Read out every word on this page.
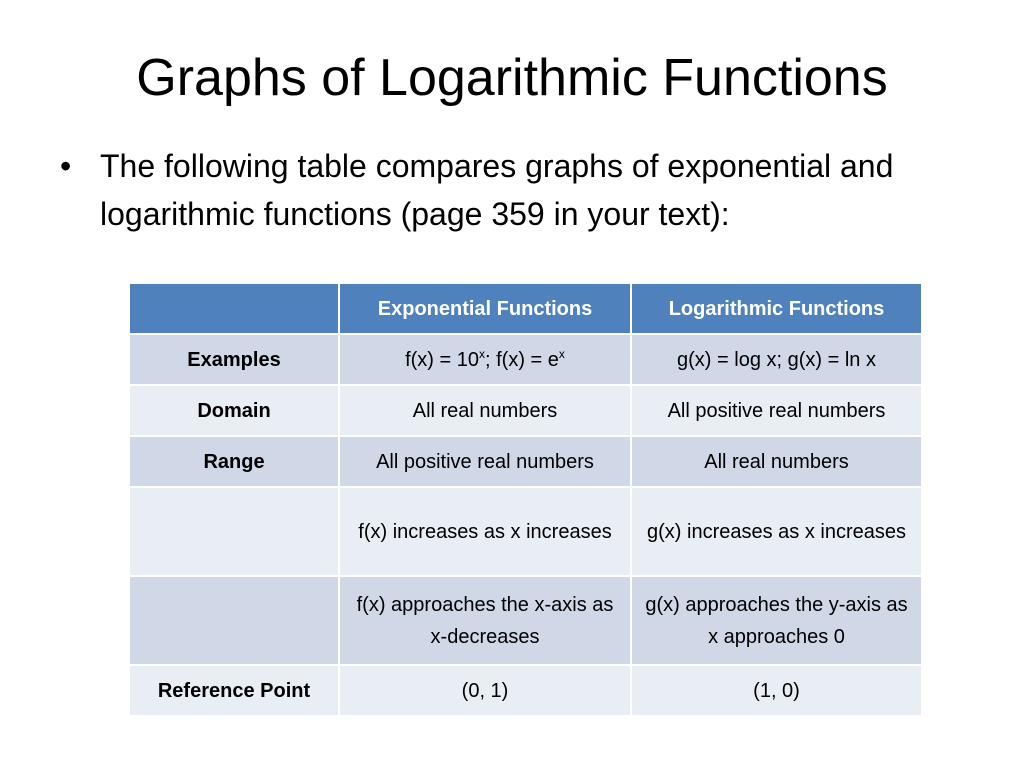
Graphs of Logarithmic Functions
• The following table compares graphs of exponential and logarithmic functions (page 359 in your text):
	Exponential Functions	Logarithmic Functions
Examples	$f(x) = 10^x$; $f(x) = e^x$	g(x) = log x; g(x) = ln x
Domain	All real numbers	All positive real numbers
Range	All positive real numbers	All real numbers
	f(x) increases as x increases	g(x) increases as x increases
	f(x) approaches the x-axis as x-decreases	g(x) approaches the y-axis as x approaches 0
Reference Point	(0, 1)	(1, 0)
